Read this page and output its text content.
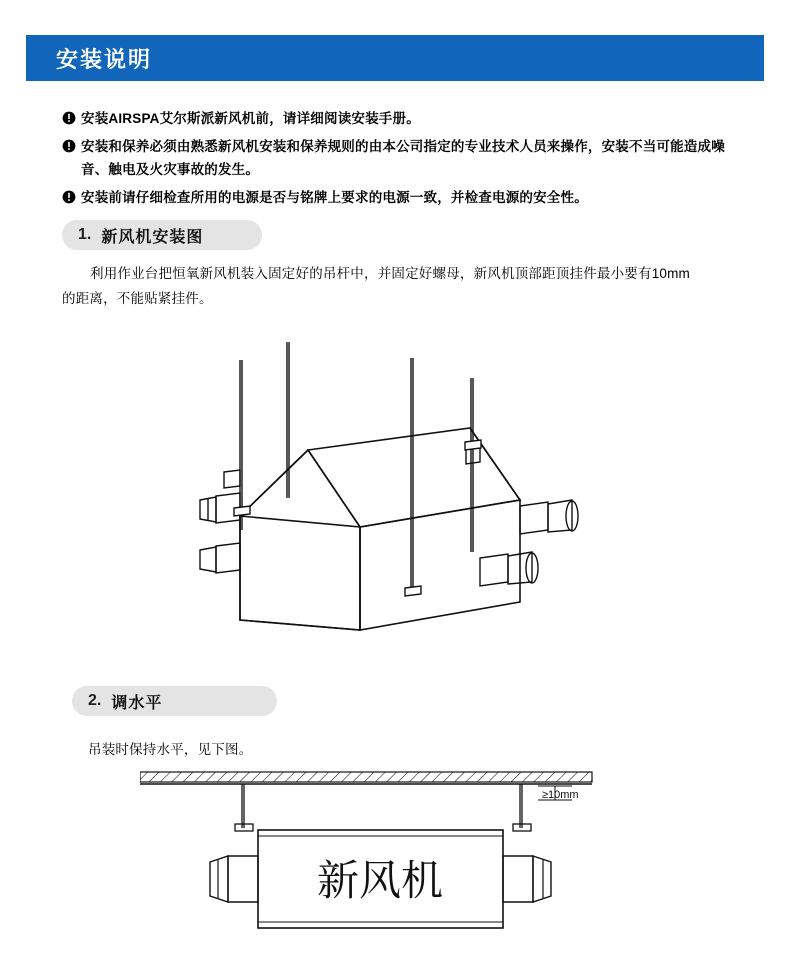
安装说明
安装AIRSPA艾尔斯派新风机前，请详细阅读安装手册。
安装和保养必须由熟悉新风机安装和保养规则的由本公司指定的专业技术人员来操作，安装不当可能造成噪音、触电及火灾事故的发生。
安装前请仔细检查所用的电源是否与铭牌上要求的电源一致，并检查电源的安全性。
1. 新风机安装图
利用作业台把恒氧新风机装入固定好的吊杆中，并固定好螺母，新风机顶部距顶挂件最小要有10mm的距离，不能贴紧挂件。
2. 调水平
吊装时保持水平，见下图。
≥10mm
新风机
